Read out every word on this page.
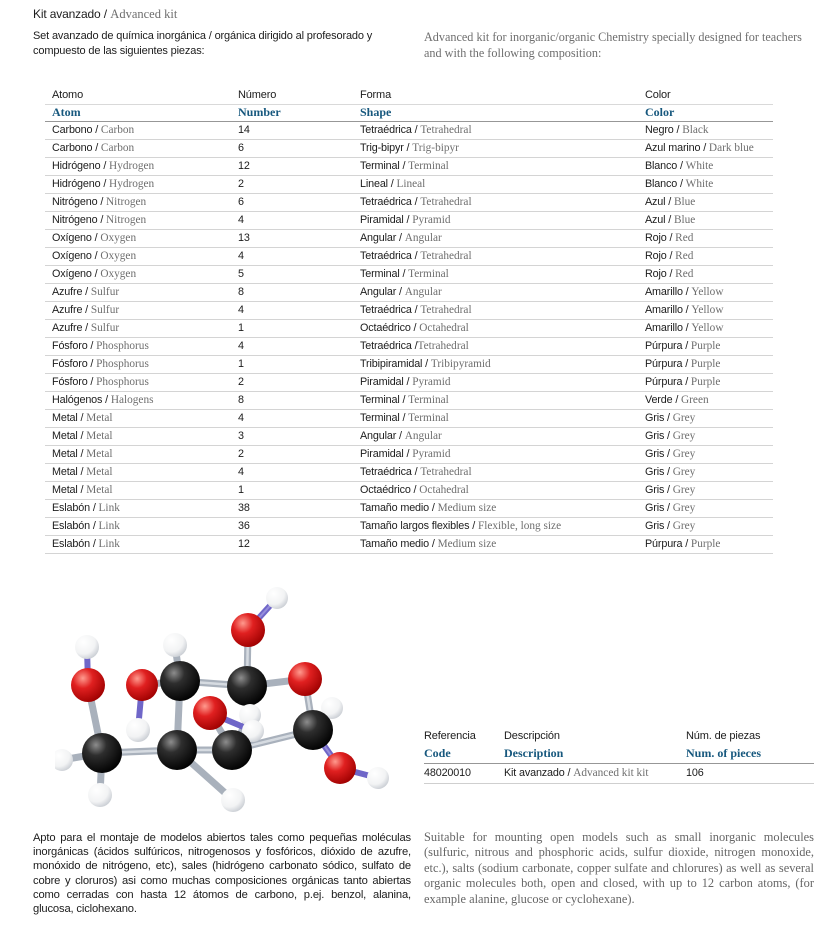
Kit avanzado / Advanced kit

Set avanzado de química inorgánica / orgánica dirigido al profesorado y compuesto de las siguientes piezas:

Advanced kit for inorganic/organic Chemistry specially designed for teachers and with the following composition:

Atomo	Número	Forma	Color
Atom	Number	Shape	Color
Carbono / Carbon	14	Tetraédrica / Tetrahedral	Negro / Black
Carbono / Carbon	6	Trig-bipyr / Trig-bipyr	Azul marino / Dark blue
Hidrógeno / Hydrogen	12	Terminal / Terminal	Blanco / White
Hidrógeno / Hydrogen	2	Lineal / Lineal	Blanco / White
Nitrógeno / Nitrogen	6	Tetraédrica / Tetrahedral	Azul / Blue
Nitrógeno / Nitrogen	4	Piramidal / Pyramid	Azul / Blue
Oxígeno / Oxygen	13	Angular / Angular	Rojo / Red
Oxígeno / Oxygen	4	Tetraédrica / Tetrahedral	Rojo / Red
Oxígeno / Oxygen	5	Terminal / Terminal	Rojo / Red
Azufre / Sulfur	8	Angular / Angular	Amarillo / Yellow
Azufre / Sulfur	4	Tetraédrica / Tetrahedral	Amarillo / Yellow
Azufre / Sulfur	1	Octaédrico / Octahedral	Amarillo / Yellow
Fósforo / Phosphorus	4	Tetraédrica /Tetrahedral	Púrpura / Purple
Fósforo / Phosphorus	1	Tribipiramidal / Tribipyramid	Púrpura / Purple
Fósforo / Phosphorus	2	Piramidal / Pyramid	Púrpura / Purple
Halógenos / Halogens	8	Terminal / Terminal	Verde / Green
Metal / Metal	4	Terminal / Terminal	Gris / Grey
Metal / Metal	3	Angular / Angular	Gris / Grey
Metal / Metal	2	Piramidal / Pyramid	Gris / Grey
Metal / Metal	4	Tetraédrica / Tetrahedral	Gris / Grey
Metal / Metal	1	Octaédrico / Octahedral	Gris / Grey
Eslabón / Link	38	Tamaño medio / Medium size	Gris / Grey
Eslabón / Link	36	Tamaño largos flexibles / Flexible, long size	Gris / Grey
Eslabón / Link	12	Tamaño medio / Medium size	Púrpura / Purple
Referencia	Descripción	Núm. de piezas
Code	Description	Num. of pieces
48020010	Kit avanzado / Advanced kit kit	106

Apto para el montaje de modelos abiertos tales como pequeñas moléculas inorgánicas (ácidos sulfúricos, nitrogenosos y fosfóricos, dióxido de azufre, monóxido de nitrógeno, etc), sales (hidrógeno carbonato sódico, sulfato de cobre y cloruros) asi como muchas composiciones orgánicas tanto abiertas como cerradas con hasta 12 átomos de carbono, p.ej. benzol, alanina, glucosa, ciclohexano.

Suitable for mounting open models such as small inorganic molecules (sulfuric, nitrous and phosphoric acids, sulfur dioxide, nitrogen monoxide, etc.), salts (sodium carbonate, copper sulfate and chlorures) as well as several organic molecules both, open and closed, with up to 12 carbon atoms, (for example alanine, glucose or cyclohexane).
